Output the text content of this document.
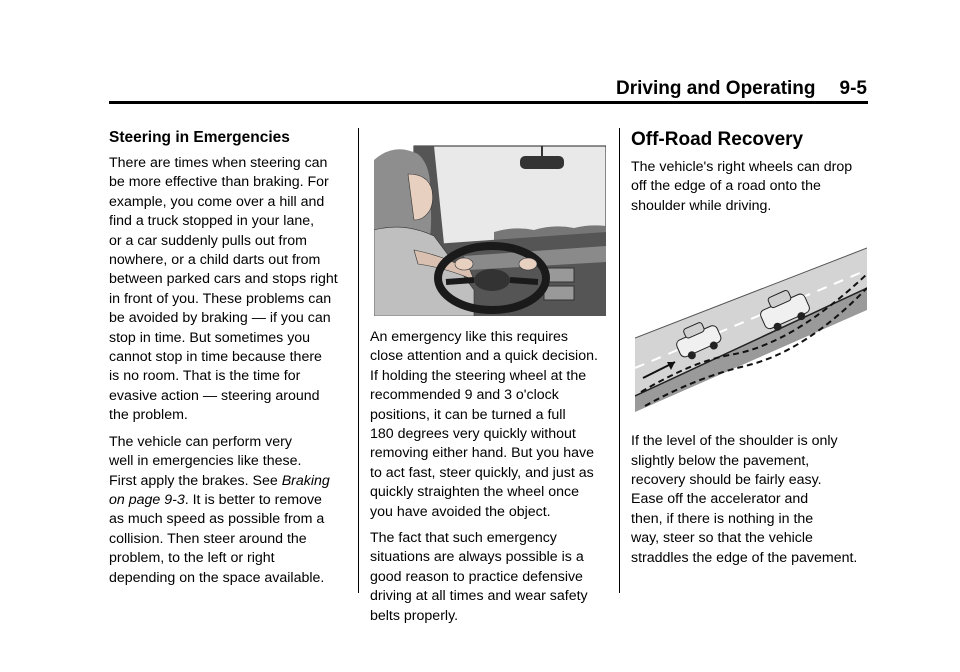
Driving and Operating 9-5
Steering in Emergencies

There are times when steering can
be more effective than braking. For
example, you come over a hill and
find a truck stopped in your lane,
or a car suddenly pulls out from
nowhere, or a child darts out from
between parked cars and stops right
in front of you. These problems can
be avoided by braking — if you can
stop in time. But sometimes you
cannot stop in time because there
is no room. That is the time for
evasive action — steering around
the problem.

The vehicle can perform very
well in emergencies like these.
First apply the brakes. See Braking
on page 9-3. It is better to remove
as much speed as possible from a
collision. Then steer around the
problem, to the left or right
depending on the space available.

An emergency like this requires
close attention and a quick decision.
If holding the steering wheel at the
recommended 9 and 3 o'clock
positions, it can be turned a full
180 degrees very quickly without
removing either hand. But you have
to act fast, steer quickly, and just as
quickly straighten the wheel once
you have avoided the object.

The fact that such emergency
situations are always possible is a
good reason to practice defensive
driving at all times and wear safety
belts properly.

Off-Road Recovery

The vehicle's right wheels can drop
off the edge of a road onto the
shoulder while driving.

If the level of the shoulder is only
slightly below the pavement,
recovery should be fairly easy.
Ease off the accelerator and
then, if there is nothing in the
way, steer so that the vehicle
straddles the edge of the pavement.
